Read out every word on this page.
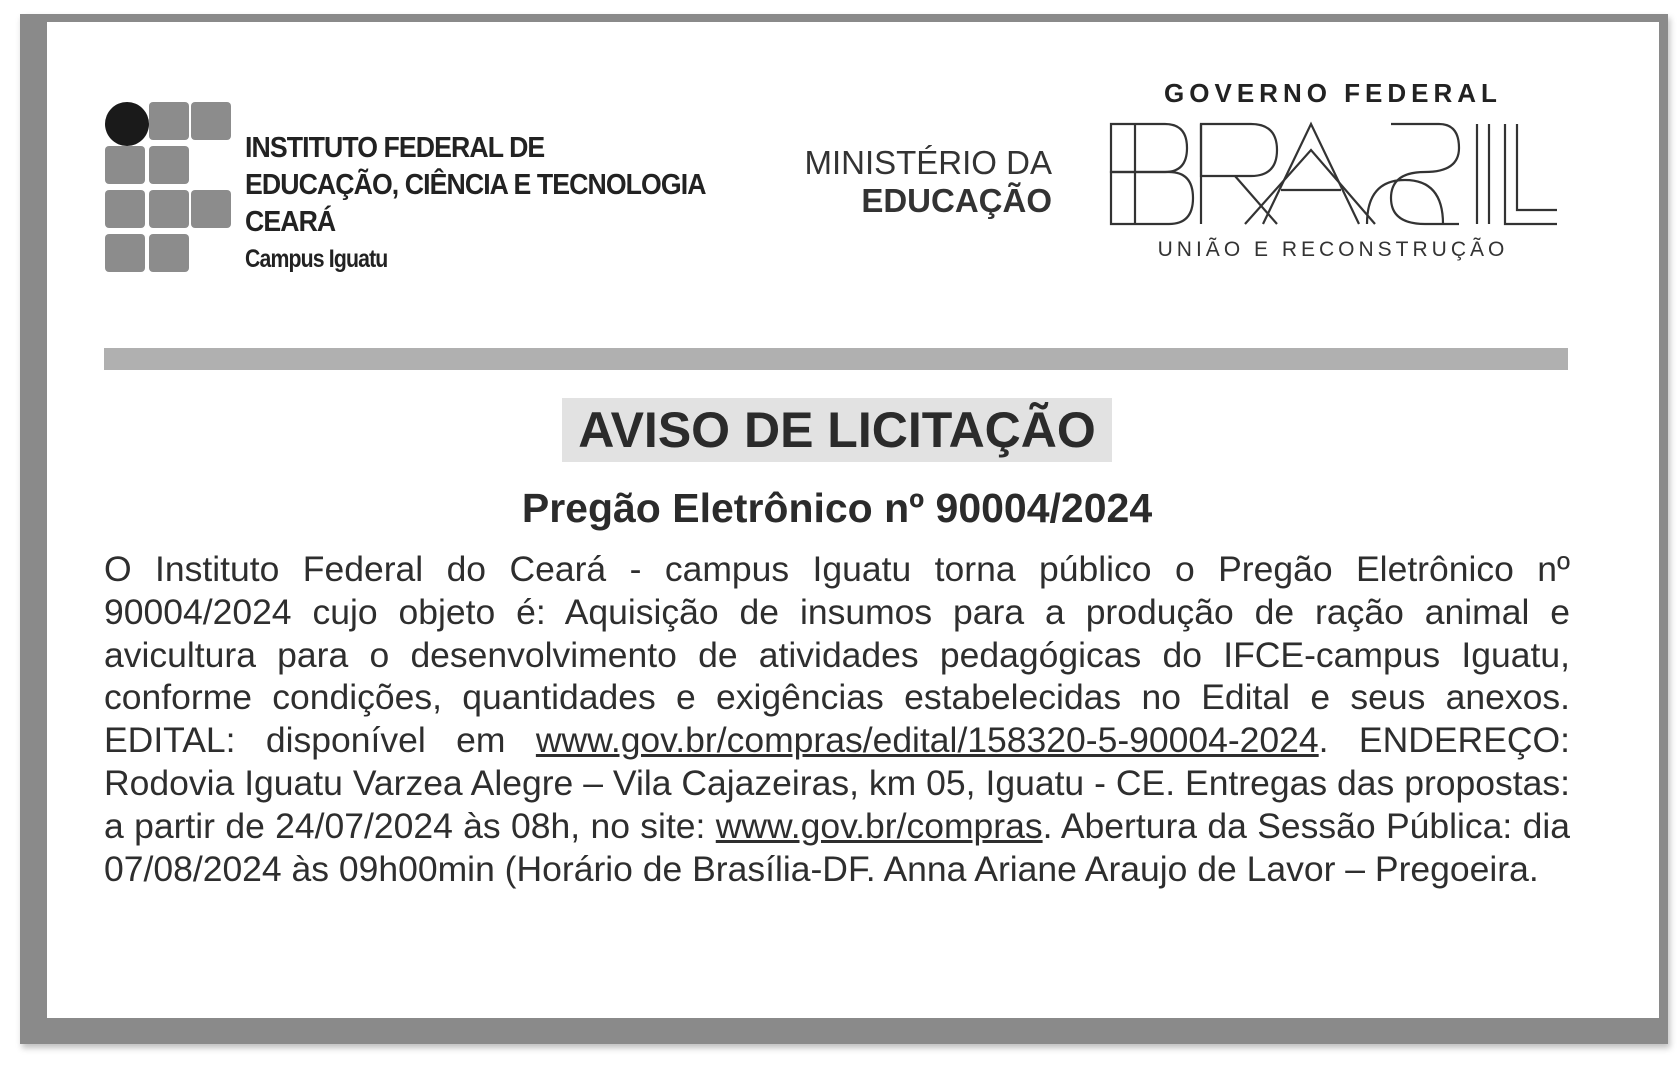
INSTITUTO FEDERAL DE
EDUCAÇÃO, CIÊNCIA E TECNOLOGIA
CEARÁ
Campus Iguatu
MINISTÉRIO DA
EDUCAÇÃO
GOVERNO FEDERAL
UNIÃO E RECONSTRUÇÃO
AVISO DE LICITAÇÃO
Pregão Eletrônico nº 90004/2024
O Instituto Federal do Ceará - campus Iguatu torna público o Pregão Eletrônico nº 90004/2024 cujo objeto é: Aquisição de insumos para a produção de ração animal e avicultura para o desenvolvimento de atividades pedagógicas do IFCE-campus Iguatu, conforme condições, quantidades e exigências estabelecidas no Edital e seus anexos. EDITAL: disponível em www.gov.br/compras/edital/158320-5-90004-2024. ENDEREÇO: Rodovia Iguatu Varzea Alegre – Vila Cajazeiras, km 05, Iguatu - CE. Entregas das propostas: a partir de 24/07/2024 às 08h, no site: www.gov.br/compras. Abertura da Sessão Pública: dia 07/08/2024 às 09h00min (Horário de Brasília-DF. Anna Ariane Araujo de Lavor – Pregoeira.
